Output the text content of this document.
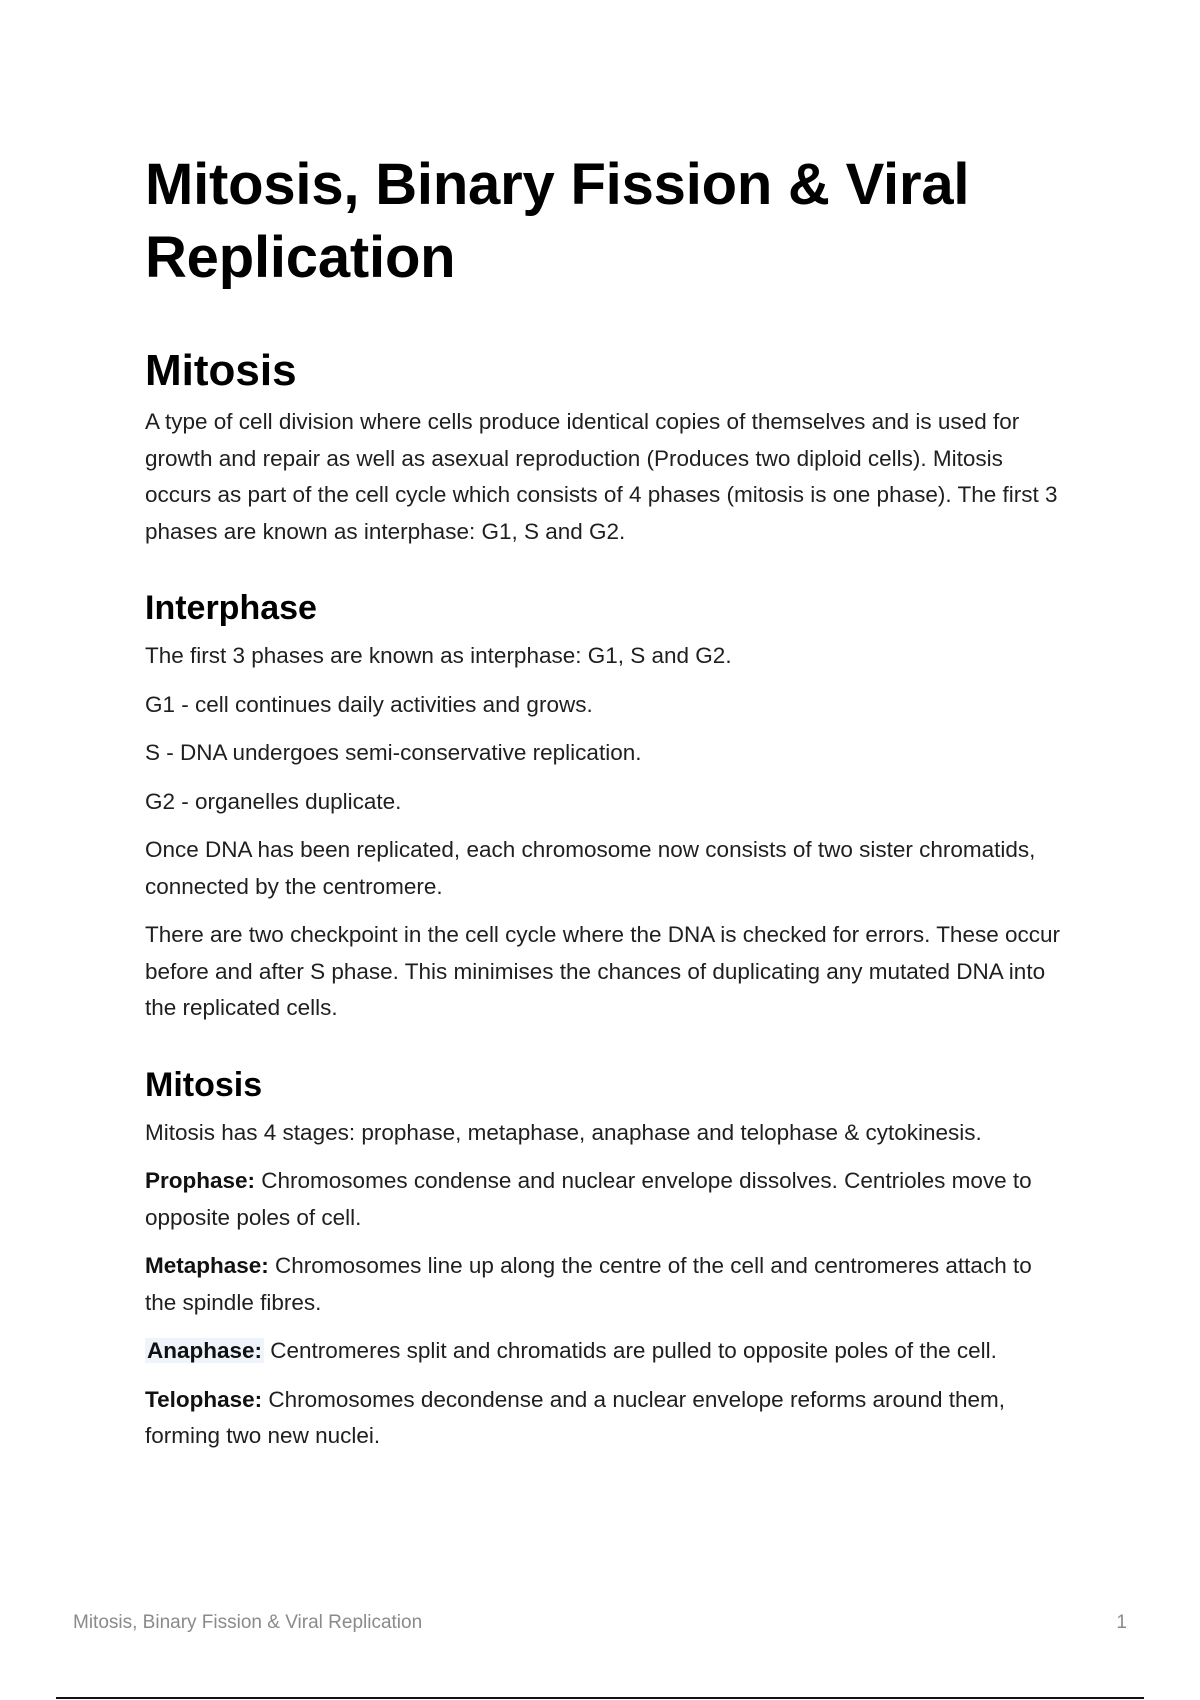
Mitosis, Binary Fission & Viral Replication
Mitosis

A type of cell division where cells produce identical copies of themselves and is used for growth and repair as well as asexual reproduction (Produces two diploid cells). Mitosis occurs as part of the cell cycle which consists of 4 phases (mitosis is one phase). The first 3 phases are known as interphase: G1, S and G2.

Interphase

The first 3 phases are known as interphase: G1, S and G2.

G1 - cell continues daily activities and grows.

S - DNA undergoes semi-conservative replication.

G2 - organelles duplicate.

Once DNA has been replicated, each chromosome now consists of two sister chromatids, connected by the centromere.

There are two checkpoint in the cell cycle where the DNA is checked for errors. These occur before and after S phase. This minimises the chances of duplicating any mutated DNA into the replicated cells.

Mitosis

Mitosis has 4 stages: prophase, metaphase, anaphase and telophase & cytokinesis.

Prophase: Chromosomes condense and nuclear envelope dissolves. Centrioles move to opposite poles of cell.

Metaphase: Chromosomes line up along the centre of the cell and centromeres attach to the spindle fibres.

Anaphase: Centromeres split and chromatids are pulled to opposite poles of the cell.

Telophase: Chromosomes decondense and a nuclear envelope reforms around them, forming two new nuclei.

Mitosis, Binary Fission & Viral Replication	1
